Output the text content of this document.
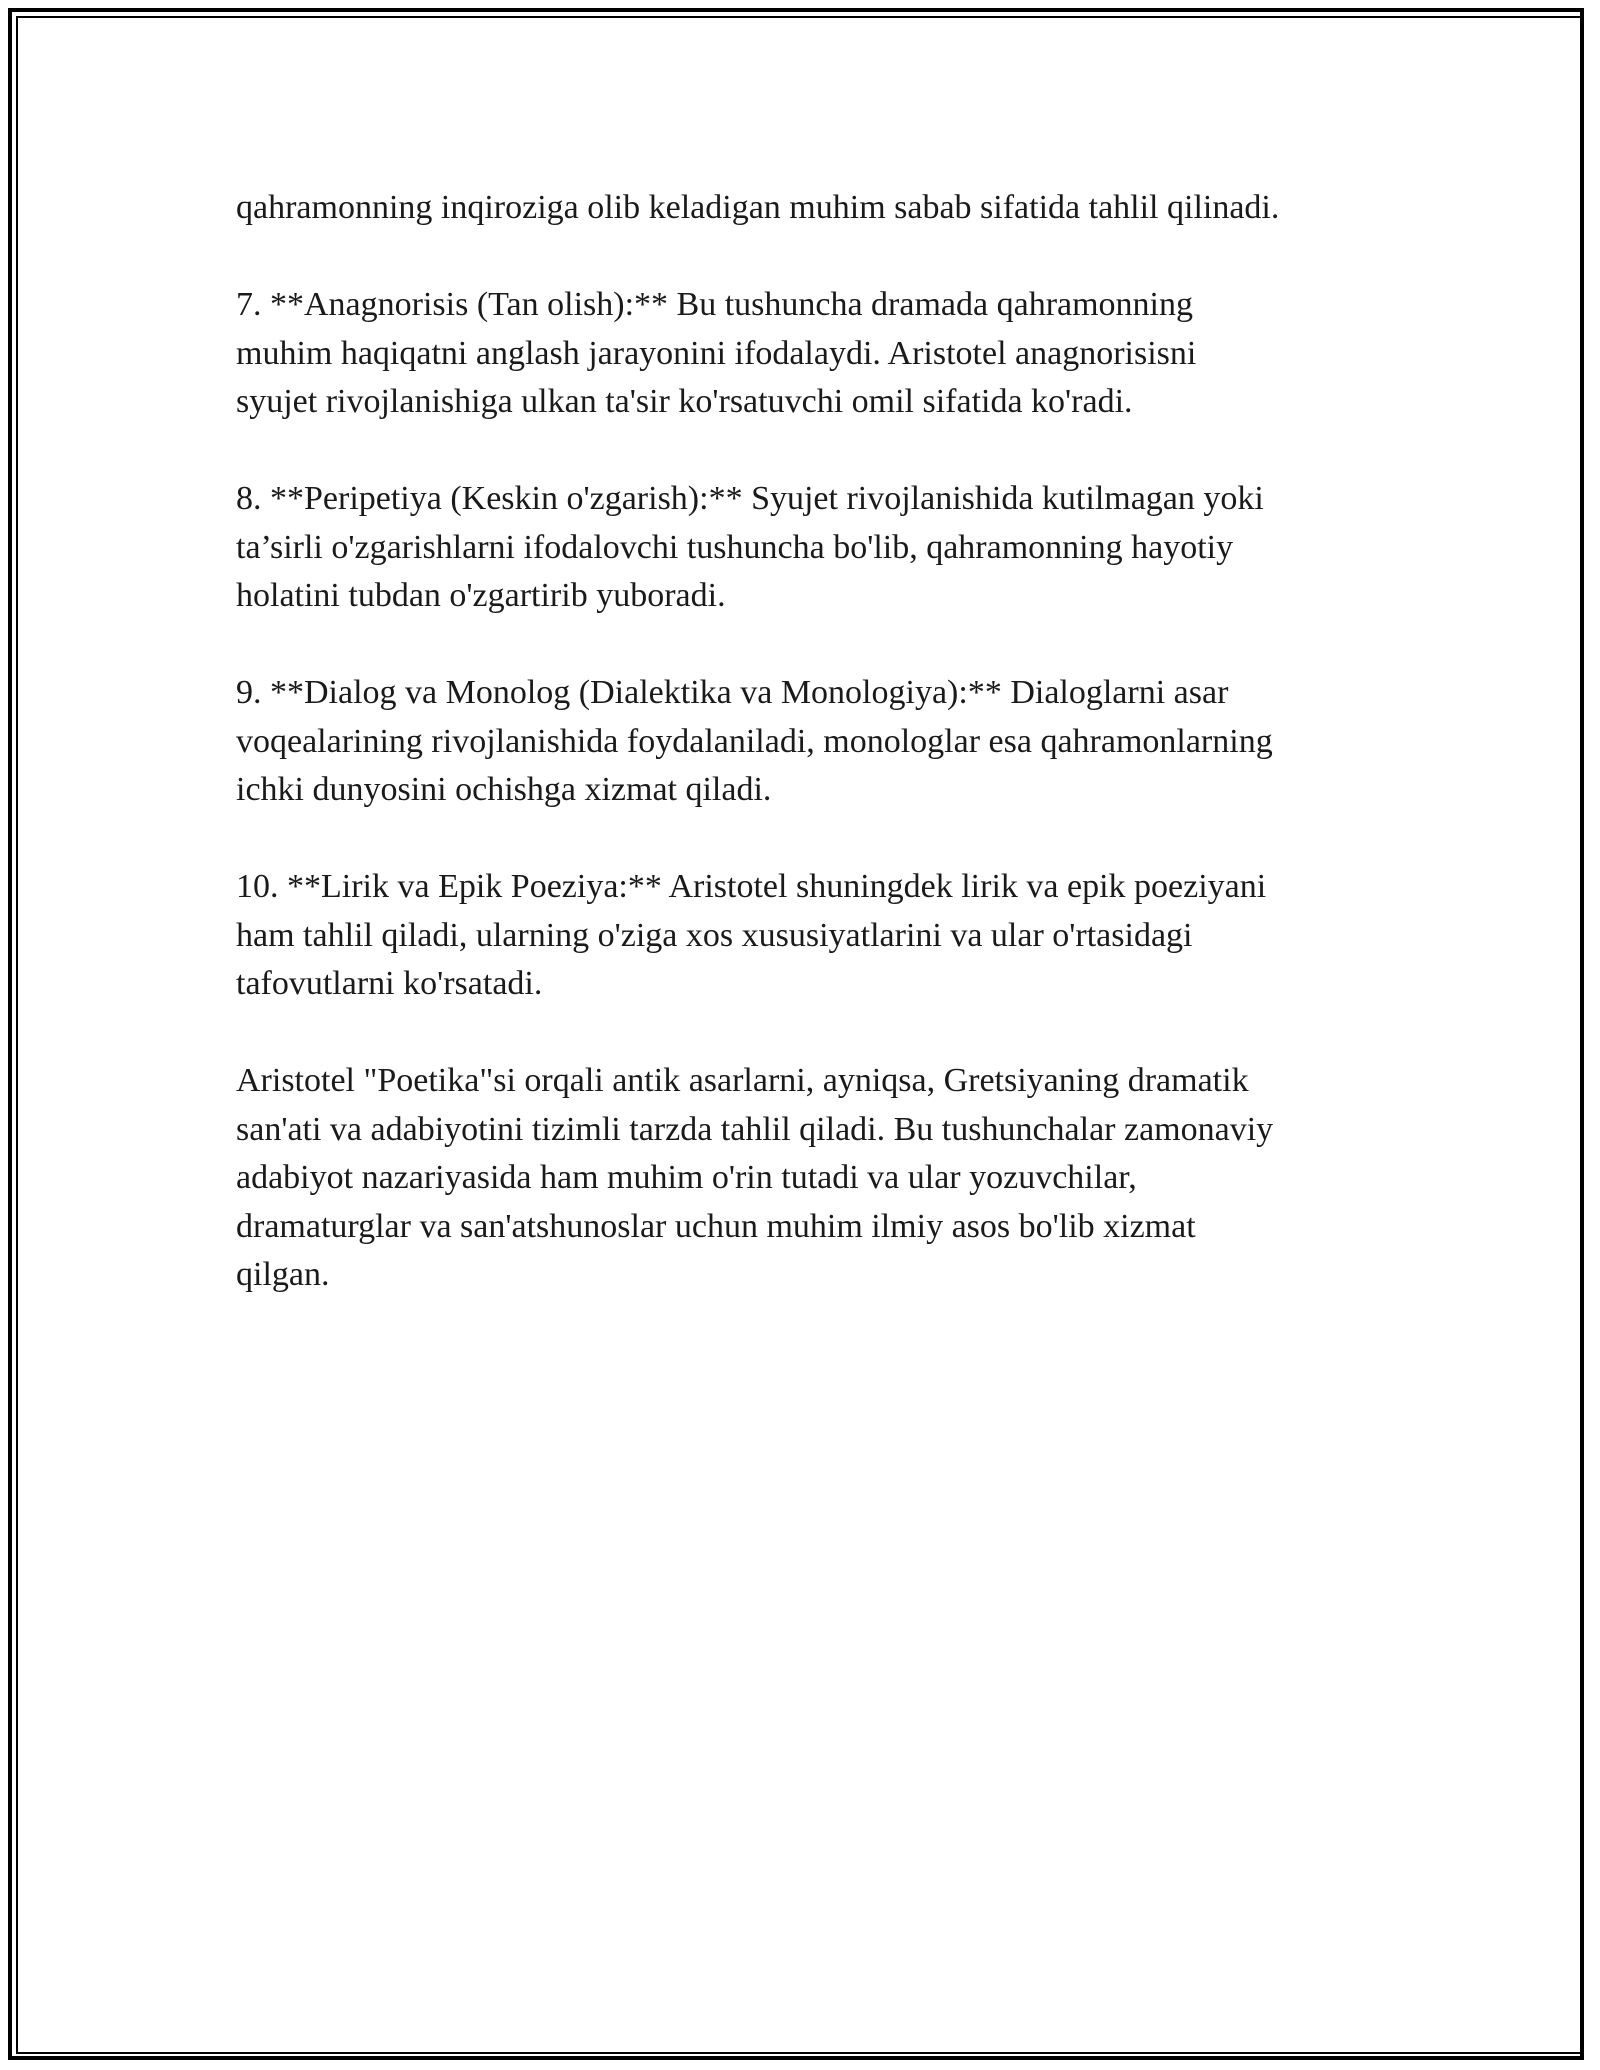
qahramonning inqiroziga olib keladigan muhim sabab sifatida tahlil qilinadi.

7. **Anagnorisis (Tan olish):** Bu tushuncha dramada qahramonning
muhim haqiqatni anglash jarayonini ifodalaydi. Aristotel anagnorisisni
syujet rivojlanishiga ulkan ta'sir ko'rsatuvchi omil sifatida ko'radi.

8. **Peripetiya (Keskin o'zgarish):** Syujet rivojlanishida kutilmagan yoki
ta’sirli o'zgarishlarni ifodalovchi tushuncha bo'lib, qahramonning hayotiy
holatini tubdan o'zgartirib yuboradi.

9. **Dialog va Monolog (Dialektika va Monologiya):** Dialoglarni asar
voqealarining rivojlanishida foydalaniladi, monologlar esa qahramonlarning
ichki dunyosini ochishga xizmat qiladi.

10. **Lirik va Epik Poeziya:** Aristotel shuningdek lirik va epik poeziyani
ham tahlil qiladi, ularning o'ziga xos xususiyatlarini va ular o'rtasidagi
tafovutlarni ko'rsatadi.

Aristotel "Poetika"si orqali antik asarlarni, ayniqsa, Gretsiyaning dramatik
san'ati va adabiyotini tizimli tarzda tahlil qiladi. Bu tushunchalar zamonaviy
adabiyot nazariyasida ham muhim o'rin tutadi va ular yozuvchilar,
dramaturglar va san'atshunoslar uchun muhim ilmiy asos bo'lib xizmat
qilgan.
